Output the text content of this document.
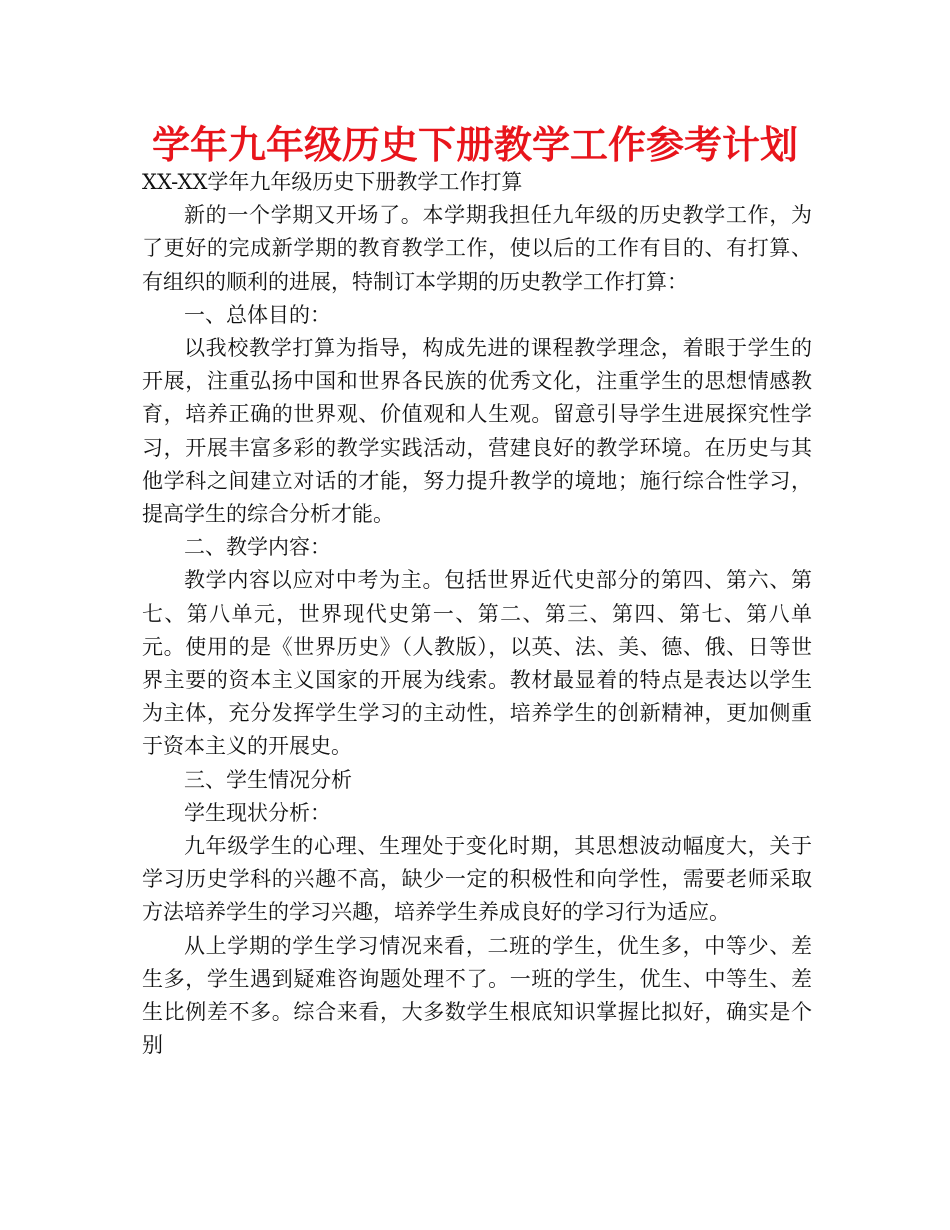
学年九年级历史下册教学工作参考计划

XX-XX学年九年级历史下册教学工作打算

新的一个学期又开场了。本学期我担任九年级的历史教学工作，为了更好的完成新学期的教育教学工作，使以后的工作有目的、有打算、有组织的顺利的进展，特制订本学期的历史教学工作打算：

一、总体目的：

以我校教学打算为指导，构成先进的课程教学理念，着眼于学生的开展，注重弘扬中国和世界各民族的优秀文化，注重学生的思想情感教育，培养正确的世界观、价值观和人生观。留意引导学生进展探究性学习，开展丰富多彩的教学实践活动，营建良好的教学环境。在历史与其他学科之间建立对话的才能，努力提升教学的境地；施行综合性学习，提高学生的综合分析才能。

二、教学内容：

教学内容以应对中考为主。包括世界近代史部分的第四、第六、第七、第八单元，世界现代史第一、第二、第三、第四、第七、第八单元。使用的是《世界历史》（人教版），以英、法、美、德、俄、日等世界主要的资本主义国家的开展为线索。教材最显着的特点是表达以学生为主体，充分发挥学生学习的主动性，培养学生的创新精神，更加侧重于资本主义的开展史。

三、学生情况分析

学生现状分析：

九年级学生的心理、生理处于变化时期，其思想波动幅度大，关于学习历史学科的兴趣不高，缺少一定的积极性和向学性，需要老师采取方法培养学生的学习兴趣，培养学生养成良好的学习行为适应。

从上学期的学生学习情况来看，二班的学生，优生多，中等少、差生多，学生遇到疑难咨询题处理不了。一班的学生，优生、中等生、差生比例差不多。综合来看，大多数学生根底知识掌握比拟好，确实是个别
